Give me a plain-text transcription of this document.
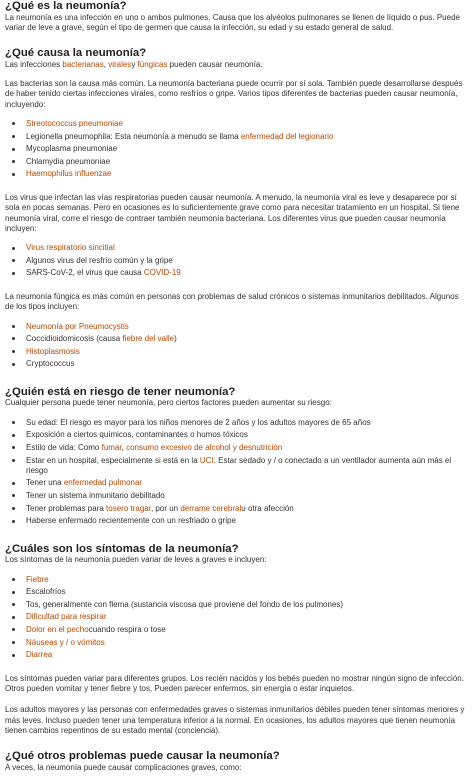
¿Qué es la neumonía?

La neumonía es una infección en uno o ambos pulmones. Causa que los alvéolos pulmonares se llenen de líquido o pus. Puede variar de leve a grave, según el tipo de germen que causa la infección, su edad y su estado general de salud.

¿Qué causa la neumonía?

Las infecciones bacterianas, viralesy fúngicas pueden causar neumonía.

Las bacterias son la causa más común. La neumonía bacteriana puede ocurrir por sí sola. También puede desarrollarse después de haber tenido ciertas infecciones virales, como resfríos o gripe. Varios tipos diferentes de bacterias pueden causar neumonía, incluyendo:

Streotococcus pneumoniae
Legionella pneumophila: Esta neumonía a menudo se llama enfermedad del legionario
Mycoplasma pneumoniae
Chlamydia pneumoniae
Haemophilus influenzae

Los virus que infectan las vías respiratorias pueden causar neumonía. A menudo, la neumonía viral es leve y desaparece por sí sola en pocas semanas. Pero en ocasiones es lo suficientemente grave como para necesitar tratamiento en un hospital. Si tiene neumonía viral, corre el riesgo de contraer también neumonía bacteriana. Los diferentes virus que pueden causar neumonía incluyen:

Virus respiratorio sincitial
Algunos virus del resfrío común y la gripe
SARS-CoV-2, el virus que causa COVID-19

La neumonía fúngica es más común en personas con problemas de salud crónicos o sistemas inmunitarios debilitados. Algunos de los tipos incluyen:

Neumonía por Pneumocystis
Coccidioidomicosis (causa fiebre del valle)
Histoplasmosis
Cryptococcus
¿Quién está en riesgo de tener neumonía?

Cualquier persona puede tener neumonía, pero ciertos factores pueden aumentar su riesgo:

Su edad: El riesgo es mayor para los niños menores de 2 años y los adultos mayores de 65 años
Exposición a ciertos químicos, contaminantes o humos tóxicos
Estilo de vida: Como fumar, consumo excesivo de alcohol y desnutrición
Estar en un hospital, especialmente si está en la UCI. Estar sedado y / o conectado a un ventilador aumenta aún más el riesgo
Tener una enfermedad pulmonar
Tener un sistema inmunitario debilitado
Tener problemas para tosero tragar, por un derrame cerebralu otra afección
Haberse enfermado recientemente con un resfriado o gripe
¿Cuáles son los síntomas de la neumonía?

Los síntomas de la neumonía pueden variar de leves a graves e incluyen:

Fiebre
Escalofríos
Tos, generalmente con flema (sustancia viscosa que proviene del fondo de los pulmones)
Dificultad para respirar
Dolor en el pechocuando respira o tose
Náuseas y / o vómitos
Diarrea

Los síntomas pueden variar para diferentes grupos. Los recién nacidos y los bebés pueden no mostrar ningún signo de infección. Otros pueden vomitar y tener fiebre y tos. Pueden parecer enfermos, sin energía o estar inquietos.

Los adultos mayores y las personas con enfermedades graves o sistemas inmunitarios débiles pueden tener síntomas menores y más leves. Incluso pueden tener una temperatura inferior a la normal. En ocasiones, los adultos mayores que tienen neumonía tienen cambios repentinos de su estado mental (conciencia).

¿Qué otros problemas puede causar la neumonía?

A veces, la neumonía puede causar complicaciones graves, como:
